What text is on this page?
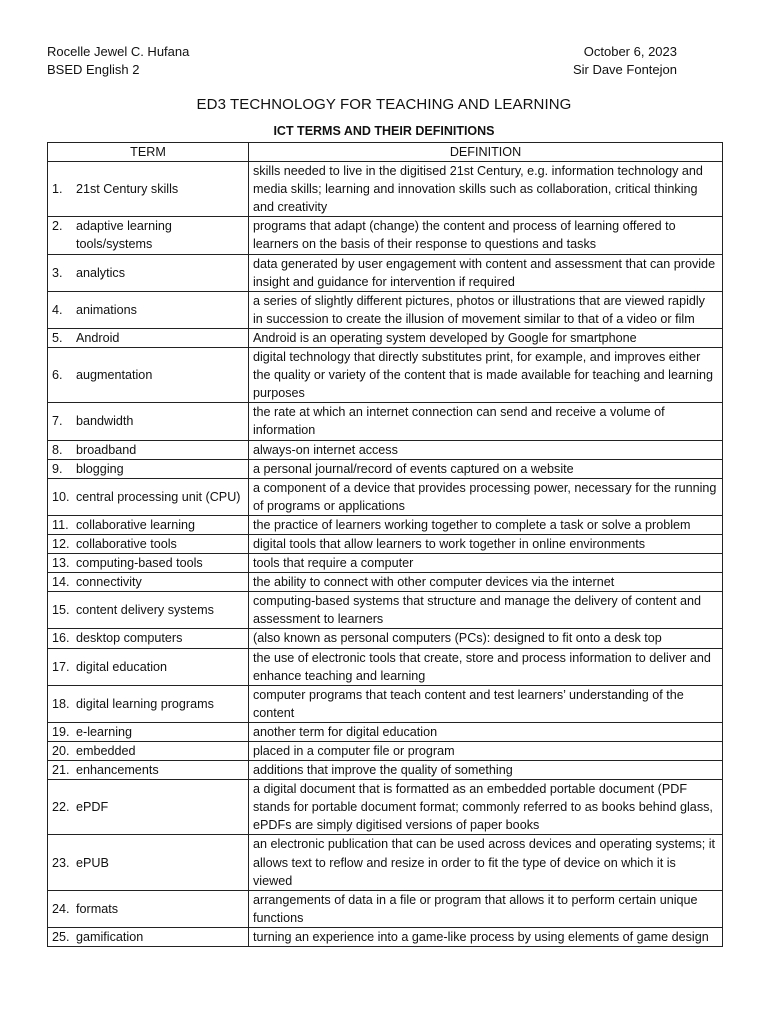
Rocelle Jewel C. Hufana
BSED English 2
October 6, 2023
Sir Dave Fontejon
ED3 TECHNOLOGY FOR TEACHING AND LEARNING
ICT TERMS AND THEIR DEFINITIONS
TERM	DEFINITION

1. 21st Century skills	skills needed to live in the digitised 21st Century, e.g. information technology and media skills; learning and innovation skills such as collaboration, critical thinking and creativity

2. adaptive learning tools/systems	programs that adapt (change) the content and process of learning offered to learners on the basis of their response to questions and tasks

3. analytics	data generated by user engagement with content and assessment that can provide insight and guidance for intervention if required

4. animations	a series of slightly different pictures, photos or illustrations that are viewed rapidly in succession to create the illusion of movement similar to that of a video or film

5. Android	Android is an operating system developed by Google for smartphone

6. augmentation	digital technology that directly substitutes print, for example, and improves either the quality or variety of the content that is made available for teaching and learning purposes

7. bandwidth	the rate at which an internet connection can send and receive a volume of information

8. broadband	always-on internet access

9. blogging	a personal journal/record of events captured on a website

10. central processing unit (CPU)	a component of a device that provides processing power, necessary for the running of programs or applications

11. collaborative learning	the practice of learners working together to complete a task or solve a problem

12. collaborative tools	digital tools that allow learners to work together in online environments

13. computing-based tools	tools that require a computer

14. connectivity	the ability to connect with other computer devices via the internet

15. content delivery systems	computing-based systems that structure and manage the delivery of content and assessment to learners

16. desktop computers	(also known as personal computers (PCs): designed to fit onto a desk top

17. digital education	the use of electronic tools that create, store and process information to deliver and enhance teaching and learning

18. digital learning programs	computer programs that teach content and test learners’ understanding of the content

19. e-learning	another term for digital education

20. embedded	placed in a computer file or program

21. enhancements	additions that improve the quality of something

22. ePDF	a digital document that is formatted as an embedded portable document (PDF stands for portable document format; commonly referred to as books behind glass, ePDFs are simply digitised versions of paper books

23. ePUB	an electronic publication that can be used across devices and operating systems; it allows text to reflow and resize in order to fit the type of device on which it is viewed

24. formats	arrangements of data in a file or program that allows it to perform certain unique functions

25. gamification	turning an experience into a game-like process by using elements of game design
